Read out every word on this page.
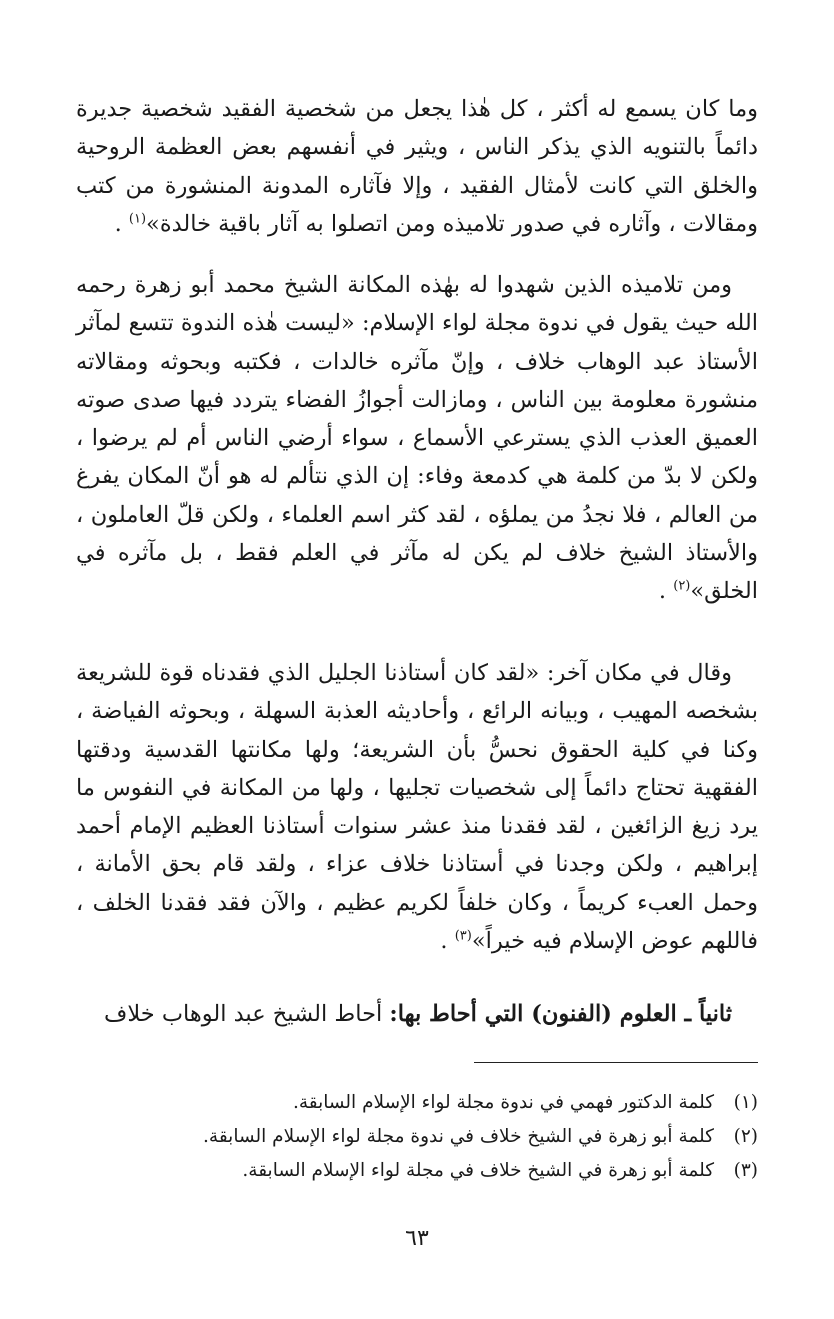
وما كان يسمع له أكثر ، كل هٰذا يجعل من شخصية الفقيد شخصية جديرة دائماً بالتنويه الذي يذكر الناس ، ويثير في أنفسهم بعض العظمة الروحية والخلق التي كانت لأمثال الفقيد ، وإلا فآثاره المدونة المنشورة من كتب ومقالات ، وآثاره في صدور تلاميذه ومن اتصلوا به آثار باقية خالدة»$^{(١)}$ .

ومن تلاميذه الذين شهدوا له بهٰذه المكانة الشيخ محمد أبو زهرة رحمه الله حيث يقول في ندوة مجلة لواء الإسلام: «ليست هٰذه الندوة تتسع لمآثر الأستاذ عبد الوهاب خلاف ، وإنّ مآثره خالدات ، فكتبه وبحوثه ومقالاته منشورة معلومة بين الناس ، ومازالت أجوازُ الفضاء يتردد فيها صدى صوته العميق العذب الذي يسترعي الأسماع ، سواء أرضي الناس أم لم يرضوا ، ولكن لا بدّ من كلمة هي كدمعة وفاء: إن الذي نتألم له هو أنّ المكان يفرغ من العالم ، فلا نجدُ من يملؤه ، لقد كثر اسم العلماء ، ولكن قلّ العاملون ، والأستاذ الشيخ خلاف لم يكن له مآثر في العلم فقط ، بل مآثره في الخلق»$^{(٢)}$ .

وقال في مكان آخر: «لقد كان أستاذنا الجليل الذي فقدناه قوة للشريعة بشخصه المهيب ، وبيانه الرائع ، وأحاديثه العذبة السهلة ، وبحوثه الفياضة ، وكنا في كلية الحقوق نحسُّ بأن الشريعة؛ ولها مكانتها القدسية ودقتها الفقهية تحتاج دائماً إلى شخصيات تجليها ، ولها من المكانة في النفوس ما يرد زيغ الزائغين ، لقد فقدنا منذ عشر سنوات أستاذنا العظيم الإمام أحمد إبراهيم ، ولكن وجدنا في أستاذنا خلاف عزاء ، ولقد قام بحق الأمانة ، وحمل العبء كريماً ، وكان خلفاً لكريم عظيم ، والآن فقد فقدنا الخلف ، فاللهم عوض الإسلام فيه خيراً»$^{(٣)}$ .

ثانياً ـ العلوم (الفنون) التي أحاط بها: أحاط الشيخ عبد الوهاب خلاف

(١)
كلمة الدكتور فهمي في ندوة مجلة لواء الإسلام السابقة.
(٢)
كلمة أبو زهرة في الشيخ خلاف في ندوة مجلة لواء الإسلام السابقة.
(٣)
كلمة أبو زهرة في الشيخ خلاف في مجلة لواء الإسلام السابقة.
٦٣
